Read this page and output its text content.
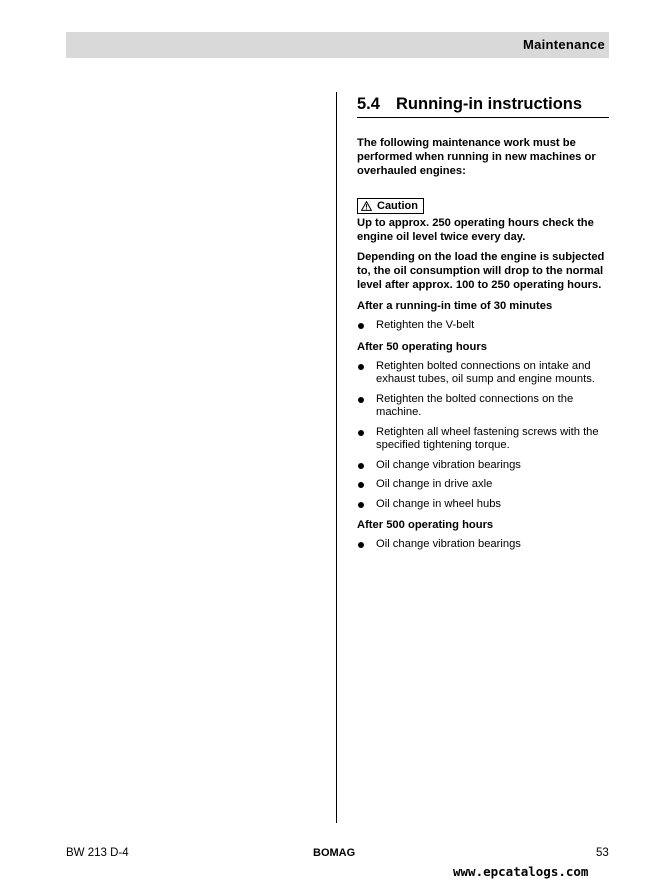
Maintenance
5.4 Running-in instructions
The following maintenance work must be performed when running in new machines or overhauled engines:
Caution
Up to approx. 250 operating hours check the engine oil level twice every day.
Depending on the load the engine is subjected to, the oil consumption will drop to the normal level after approx. 100 to 250 operating hours.
After a running-in time of 30 minutes
Retighten the V-belt
After 50 operating hours
Retighten bolted connections on intake and exhaust tubes, oil sump and engine mounts.
Retighten the bolted connections on the machine.
Retighten all wheel fastening screws with the specified tightening torque.
Oil change vibration bearings
Oil change in drive axle
Oil change in wheel hubs
After 500 operating hours
Oil change vibration bearings
BW 213 D-4	BOMAG	53
www.epcatalogs.com
